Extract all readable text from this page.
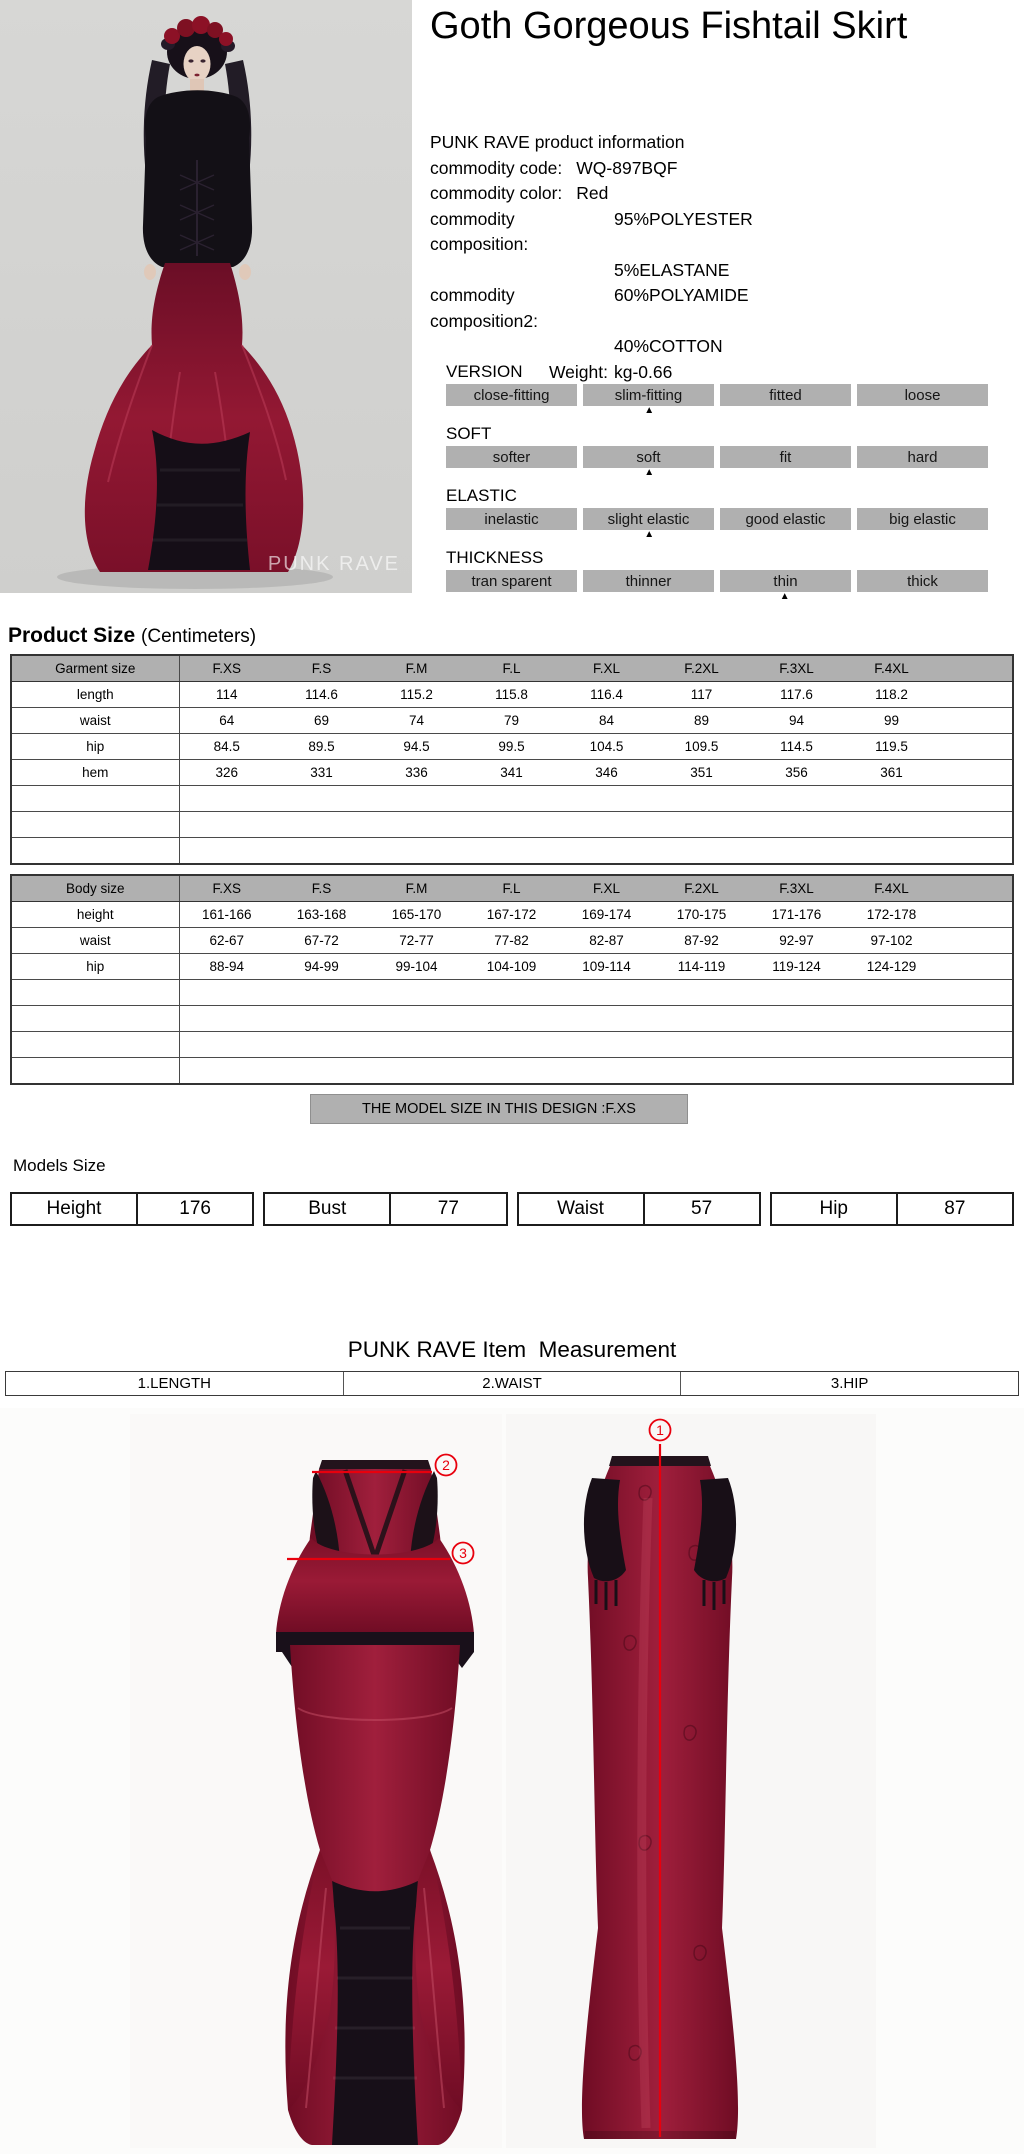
PUNK RAVE
Goth Gorgeous Fishtail Skirt
PUNK RAVE product information
commodity code: WQ-897BQF
commodity color: Red
commodity composition:
95%POLYESTER
5%ELASTANE
commodity composition2:
60%POLYAMIDE
40%COTTON
Weight: kg-0.66
VERSION
close-fitting	slim-fitting	fitted	loose
▲
SOFT
softer	soft	fit	hard
▲
ELASTIC
inelastic	slight elastic	good elastic	big elastic
▲
THICKNESS
tran sparent	thinner	thin	thick
▲
Product Size (Centimeters)
Garment size	F.XS	F.S	F.M	F.L	F.XL	F.2XL	F.3XL	F.4XL	
length	114	114.6	115.2	115.8	116.4	117	117.6	118.2	
waist	64	69	74	79	84	89	94	99	
hip	84.5	89.5	94.5	99.5	104.5	109.5	114.5	119.5	
hem	326	331	336	341	346	351	356	361	

Body size	F.XS	F.S	F.M	F.L	F.XL	F.2XL	F.3XL	F.4XL	
height	161-166	163-168	165-170	167-172	169-174	170-175	171-176	172-178	
waist	62-67	67-72	72-77	77-82	82-87	87-92	92-97	97-102	
hip	88-94	94-99	99-104	104-109	109-114	114-119	119-124	124-129	

THE MODEL SIZE IN THIS DESIGN :F.XS
Models Size
Height	176	Bust	77	Waist	57	Hip	87
PUNK RAVE Item  Measurement
1.LENGTH	2.WAIST	3.HIP
1
2
3
